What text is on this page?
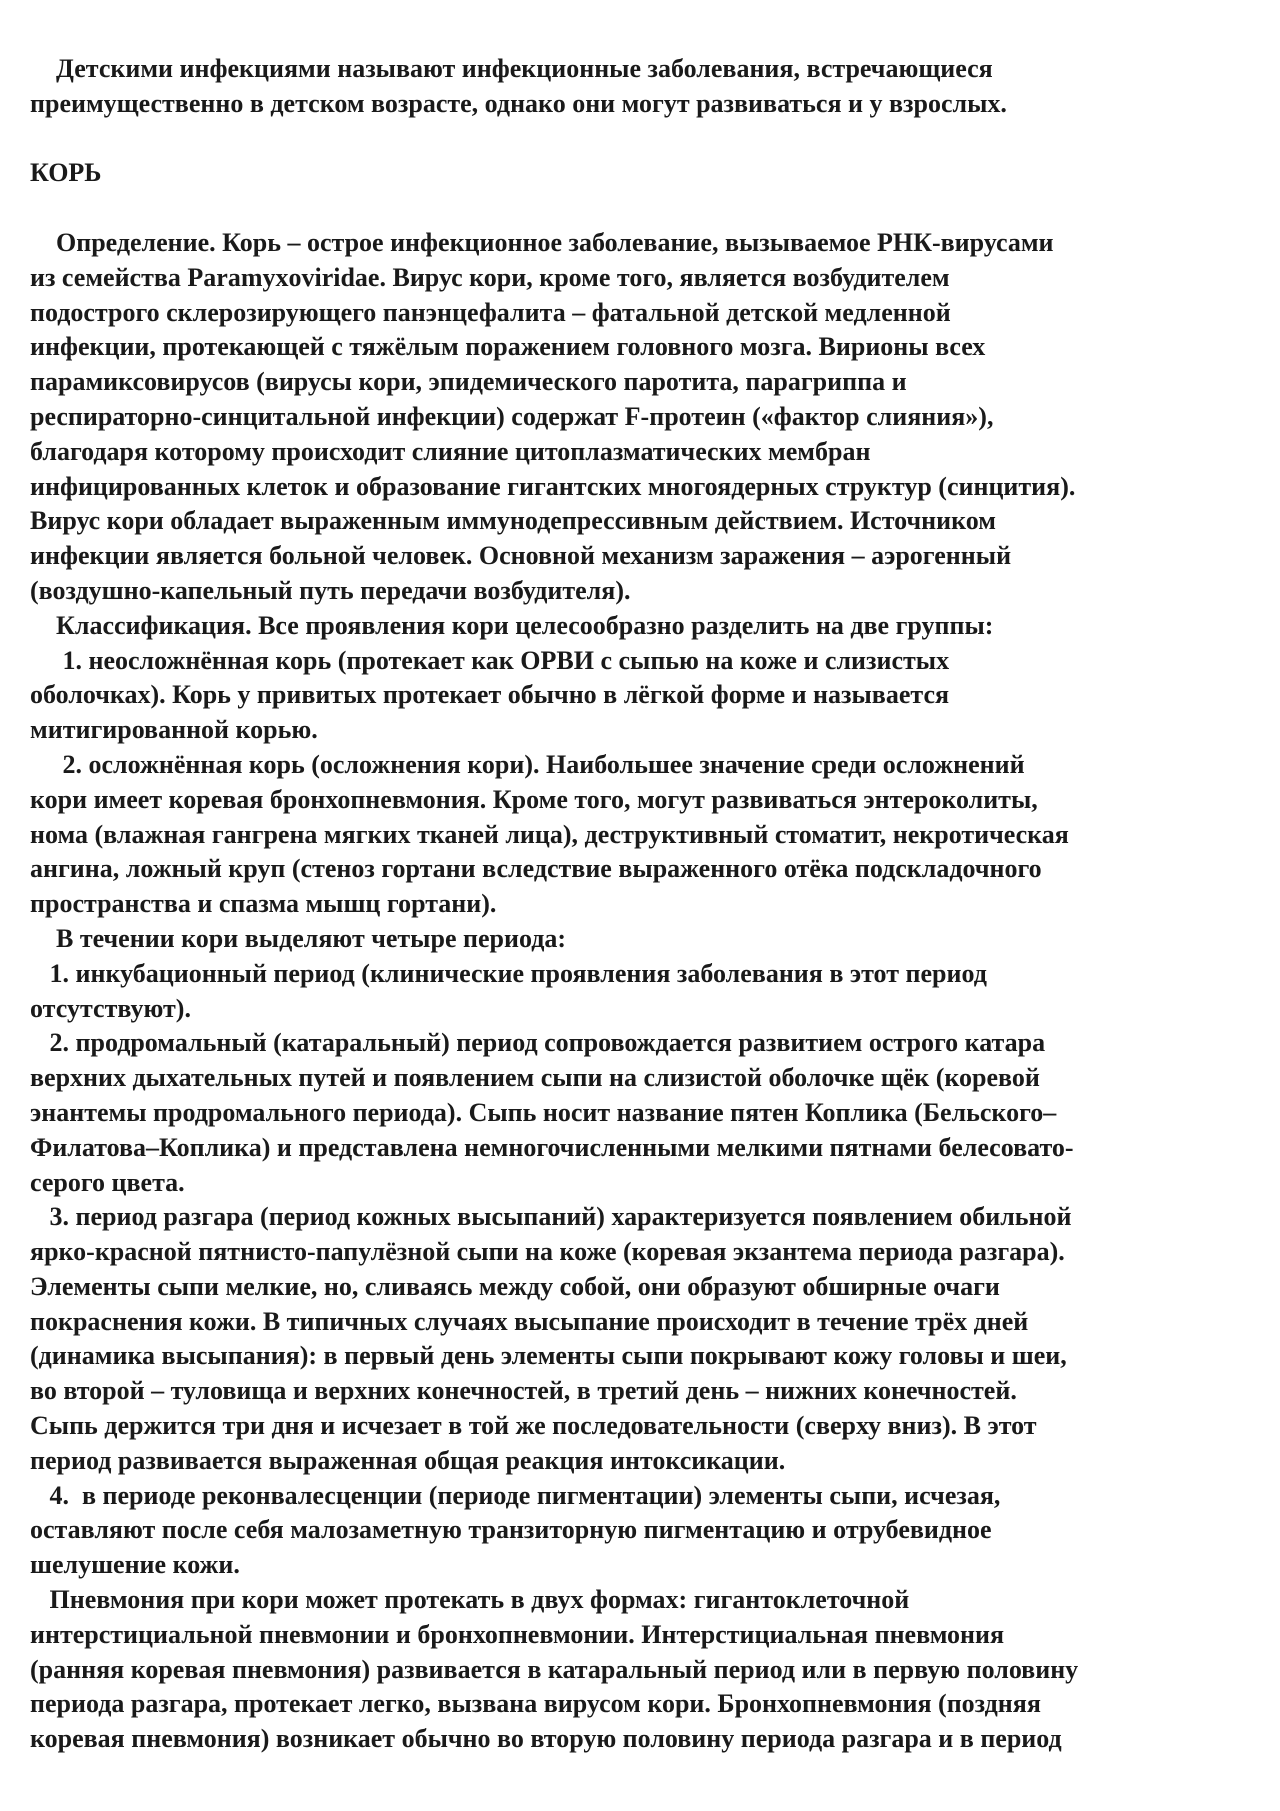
Детскими инфекциями называют инфекционные заболевания, встречающиеся
преимущественно в детском возрасте, однако они могут развиваться и у взрослых.
КОРЬ
Определение. Корь – острое инфекционное заболевание, вызываемое РНК-вирусами
из семейства Paramyxoviridae. Вирус кори, кроме того, является возбудителем
подострого склерозирующего панэнцефалита – фатальной детской медленной
инфекции, протекающей с тяжёлым поражением головного мозга. Вирионы всех
парамиксовирусов (вирусы кори, эпидемического паротита, парагриппа и
респираторно-синцитальной инфекции) содержат F-протеин («фактор слияния»),
благодаря которому происходит слияние цитоплазматических мембран
инфицированных клеток и образование гигантских многоядерных структур (синцития).
Вирус кори обладает выраженным иммунодепрессивным действием. Источником
инфекции является больной человек. Основной механизм заражения – аэрогенный
(воздушно-капельный путь передачи возбудителя).
Классификация. Все проявления кори целесообразно разделить на две группы:
1. неосложнённая корь (протекает как ОРВИ с сыпью на коже и слизистых
оболочках). Корь у привитых протекает обычно в лёгкой форме и называется
митигированной корью.
2. осложнённая корь (осложнения кори). Наибольшее значение среди осложнений
кори имеет коревая бронхопневмония. Кроме того, могут развиваться энтероколиты,
нома (влажная гангрена мягких тканей лица), деструктивный стоматит, некротическая
ангина, ложный круп (стеноз гортани вследствие выраженного отёка подскладочного
пространства и спазма мышц гортани).
В течении кори выделяют четыре периода:
1. инкубационный период (клинические проявления заболевания в этот период
отсутствуют).
2. продромальный (катаральный) период сопровождается развитием острого катара
верхних дыхательных путей и появлением сыпи на слизистой оболочке щёк (коревой
энантемы продромального периода). Сыпь носит название пятен Коплика (Бельского–
Филатова–Коплика) и представлена немногочисленными мелкими пятнами белесовато-
серого цвета.
3. период разгара (период кожных высыпаний) характеризуется появлением обильной
ярко-красной пятнисто-папулёзной сыпи на коже (коревая экзантема периода разгара).
Элементы сыпи мелкие, но, сливаясь между собой, они образуют обширные очаги
покраснения кожи. В типичных случаях высыпание происходит в течение трёх дней
(динамика высыпания): в первый день элементы сыпи покрывают кожу головы и шеи,
во второй – туловища и верхних конечностей, в третий день – нижних конечностей.
Сыпь держится три дня и исчезает в той же последовательности (сверху вниз). В этот
период развивается выраженная общая реакция интоксикации.
4.  в периоде реконвалесценции (периоде пигментации) элементы сыпи, исчезая,
оставляют после себя малозаметную транзиторную пигментацию и отрубевидное
шелушение кожи.
Пневмония при кори может протекать в двух формах: гигантоклеточной
интерстициальной пневмонии и бронхопневмонии. Интерстициальная пневмония
(ранняя коревая пневмония) развивается в катаральный период или в первую половину
периода разгара, протекает легко, вызвана вирусом кори. Бронхопневмония (поздняя
коревая пневмония) возникает обычно во вторую половину периода разгара и в период
